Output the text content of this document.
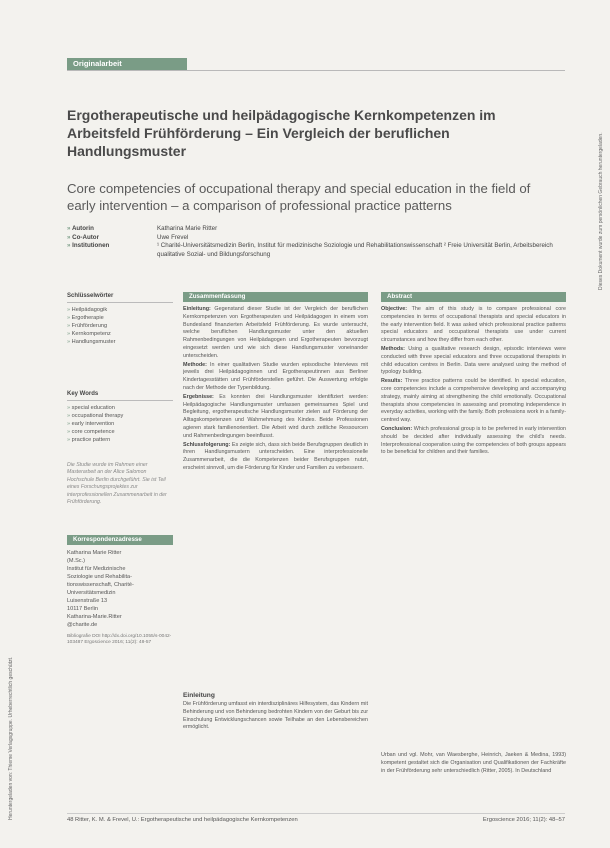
Originalarbeit
Heruntergeladen von: Thieme Verlagsgruppe. Urheberrechtlich geschützt.
Dieses Dokument wurde zum persönlichen Gebrauch heruntergeladen.
Ergotherapeutische und heilpädagogische Kernkompetenzen im Arbeitsfeld Frühförderung – Ein Vergleich der beruflichen Handlungsmuster
Core competencies of occupational therapy and special education in the field of early intervention – a comparison of professional practice patterns
» Autorin	Katharina Marie Ritter
» Co-Autor	Uwe Frevel
» Institutionen	¹ Charité-Universitätsmedizin Berlin, Institut für medizinische Soziologie und Rehabilitationswissenschaft ² Freie Universität Berlin, Arbeitsbereich qualitative Sozial- und Bildungsforschung
Schlüsselwörter
» Heilpädagogik
» Ergotherapie
» Frühförderung
» Kernkompetenz
» Handlungsmuster
Key Words
» special education
» occupational therapy
» early intervention
» core competence
» practice pattern
Die Studie wurde im Rahmen einer Masterarbeit an der Alice Salomon Hochschule Berlin durchgeführt. Sie ist Teil eines Forschungsprojektes zur interprofessionellen Zusammenarbeit in der Frühförderung.
Korrespondenzadresse
Katharina Marie Ritter
(M.Sc.)
Institut für Medizinische
Soziologie und Rehabilita-
tionswissenschaft, Charité-
Universitätsmedizin
Luisenstraße 13
10117 Berlin
Katharina-Marie.Ritter
@charite.de
Bibliografie DOI http://dx.doi.org/10.1055/s-0042-103487 Ergoscience 2016; 11(2): 48-57
Zusammenfassung

Einleitung: Gegenstand dieser Studie ist der Vergleich der beruflichen Kernkompetenzen von Ergotherapeuten und Heilpädagogen in einem vom Bundesland finanzierten Arbeitsfeld Frühförderung. Es wurde untersucht, welche beruflichen Handlungsmuster unter den aktuellen Rahmenbedingungen von Heilpädagogen und Ergotherapeuten bevorzugt eingesetzt werden und wie sich diese Handlungsmuster voneinander unterscheiden.

Methode: In einer qualitativen Studie wurden episodische Interviews mit jeweils drei Heilpädagoginnen und Ergotherapeutinnen aus Berliner Kindertagesstätten und Frühförderstellen geführt. Die Auswertung erfolgte nach der Methode der Typenbildung.

Ergebnisse: Es konnten drei Handlungsmuster identifiziert werden: Heilpädagogische Handlungsmuster umfassen gemeinsames Spiel und Begleitung, ergotherapeutische Handlungsmuster zielen auf Förderung der Alltagskompetenzen und Wahrnehmung des Kindes. Beide Professionen agieren stark familienorientiert. Die Arbeit wird durch zeitliche Ressourcen und Rahmenbedingungen beeinflusst.

Schlussfolgerung: Es zeigte sich, dass sich beide Berufsgruppen deutlich in ihren Handlungsmustern unterscheiden. Eine interprofessionelle Zusammenarbeit, die die Kompetenzen beider Berufsgruppen nutzt, erscheint sinnvoll, um die Förderung für Kinder und Familien zu verbessern.

Abstract

Objective: The aim of this study is to compare professional core competencies in terms of occupational therapists and special educators in the early intervention field. It was asked which professional practice patterns special educators and occupational therapists use under current circumstances and how they differ from each other.

Methods: Using a qualitative research design, episodic interviews were conducted with three special educators and three occupational therapists in child education centres in Berlin. Data were analysed using the method of typology building.

Results: Three practice patterns could be identified. In special education, core competencies include a comprehensive developing and accompanying strategy, mainly aiming at strengthening the child emotionally. Occupational therapists show competencies in assessing and promoting independence in everyday activities, working with the family. Both professions work in a family-centred way.

Conclusion: Which professional group is to be preferred in early intervention should be decided after individually assessing the child's needs. Interprofessional cooperation using the competencies of both groups appears to be beneficial for children and their families.

Einleitung
Die Frühförderung umfasst ein interdisziplinäres Hilfesystem, das Kindern mit Behinderung und von Behinderung bedrohten Kindern von der Geburt bis zur Einschulung Entwicklungschancen sowie Teilhabe an den Lebensbereichen ermöglicht.
Urban und vgl. Mohr, van Waesberghe, Heinrich, Jaeken & Medina, 1993) kompetent gestaltet sich die Organisation und Qualifikationen der Fachkräfte in der Frühförderung sehr unterschiedlich (Ritter, 2005). In Deutschland
48 Ritter, K. M. & Frevel, U.: Ergotherapeutische und heilpädagogische Kernkompetenzen	Ergoscience 2016; 11(2): 48–57
